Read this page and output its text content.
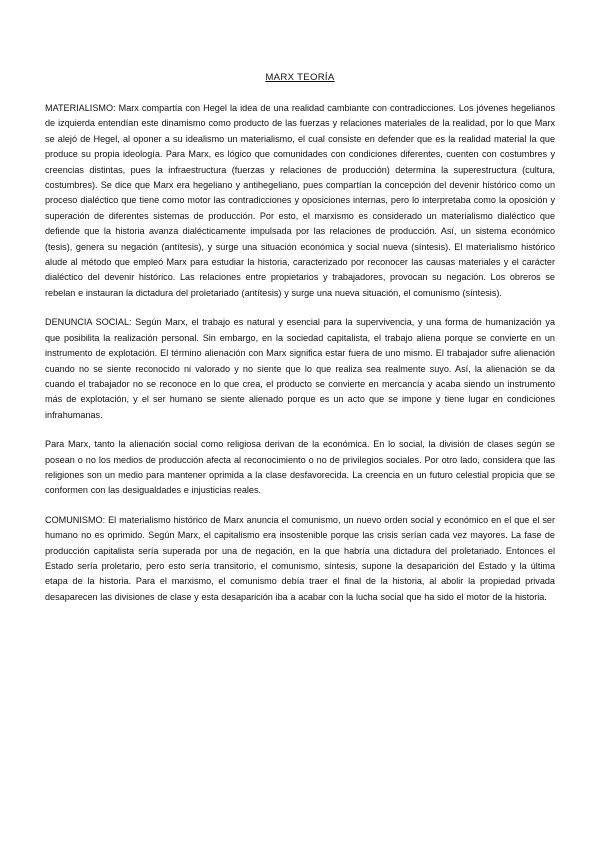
MARX TEORÍA

MATERIALISMO: Marx compartía con Hegel la idea de una realidad cambiante con contradicciones. Los jóvenes hegelianos de izquierda entendían este dinamismo como producto de las fuerzas y relaciones materiales de la realidad, por lo que Marx se alejó de Hegel, al oponer a su idealismo un materialismo, el cual consiste en defender que es la realidad material la que produce su propia ideología. Para Marx, es lógico que comunidades con condiciones diferentes, cuenten con costumbres y creencias distintas, pues la infraestructura (fuerzas y relaciones de producción) determina la superestructura (cultura, costumbres). Se dice que Marx era hegeliano y antihegeliano, pues compartían la concepción del devenir histórico como un proceso dialéctico que tiene como motor las contradicciones y oposiciones internas, pero lo interpretaba como la oposición y superación de diferentes sistemas de producción. Por esto, el marxismo es considerado un materialismo dialéctico que defiende que la historia avanza dialécticamente impulsada por las relaciones de producción. Así, un sistema económico (tesis), genera su negación (antítesis), y surge una situación económica y social nueva (síntesis). El materialismo histórico alude al método que empleó Marx para estudiar la historia, caracterizado por reconocer las causas materiales y el carácter dialéctico del devenir histórico. Las relaciones entre propietarios y trabajadores, provocan su negación. Los obreros se rebelan e instauran la dictadura del proletariado (antítesis) y surge una nueva situación, el comunismo (síntesis).

DENUNCIA SOCIAL: Según Marx, el trabajo es natural y esencial para la supervivencia, y una forma de humanización ya que posibilita la realización personal. Sin embargo, en la sociedad capitalista, el trabajo aliena porque se convierte en un instrumento de explotación. El término alienación con Marx significa estar fuera de uno mismo. El trabajador sufre alienación cuando no se siente reconocido ni valorado y no siente que lo que realiza sea realmente suyo. Así, la alienación se da cuando el trabajador no se reconoce en lo que crea, el producto se convierte en mercancía y acaba siendo un instrumento más de explotación, y el ser humano se siente alienado porque es un acto que se impone y tiene lugar en condiciones infrahumanas.

Para Marx, tanto la alienación social como religiosa derivan de la económica. En lo social, la división de clases según se posean o no los medios de producción afecta al reconocimiento o no de privilegios sociales. Por otro lado, considera que las religiones son un medio para mantener oprimida a la clase desfavorecida. La creencia en un futuro celestial propicia que se conformen con las desigualdades e injusticias reales.

COMUNISMO: El materialismo histórico de Marx anuncia el comunismo, un nuevo orden social y económico en el que el ser humano no es oprimido. Según Marx, el capitalismo era insostenible porque las crisis serían cada vez mayores. La fase de producción capitalista sería superada por una de negación, en la que habría una dictadura del proletariado. Entonces el Estado sería proletario, pero esto sería transitorio, el comunismo, síntesis, supone la desaparición del Estado y la última etapa de la historia. Para el marxismo, el comunismo debía traer el final de la historia, al abolir la propiedad privada desaparecen las divisiones de clase y esta desaparición iba a acabar con la lucha social que ha sido el motor de la historia.
